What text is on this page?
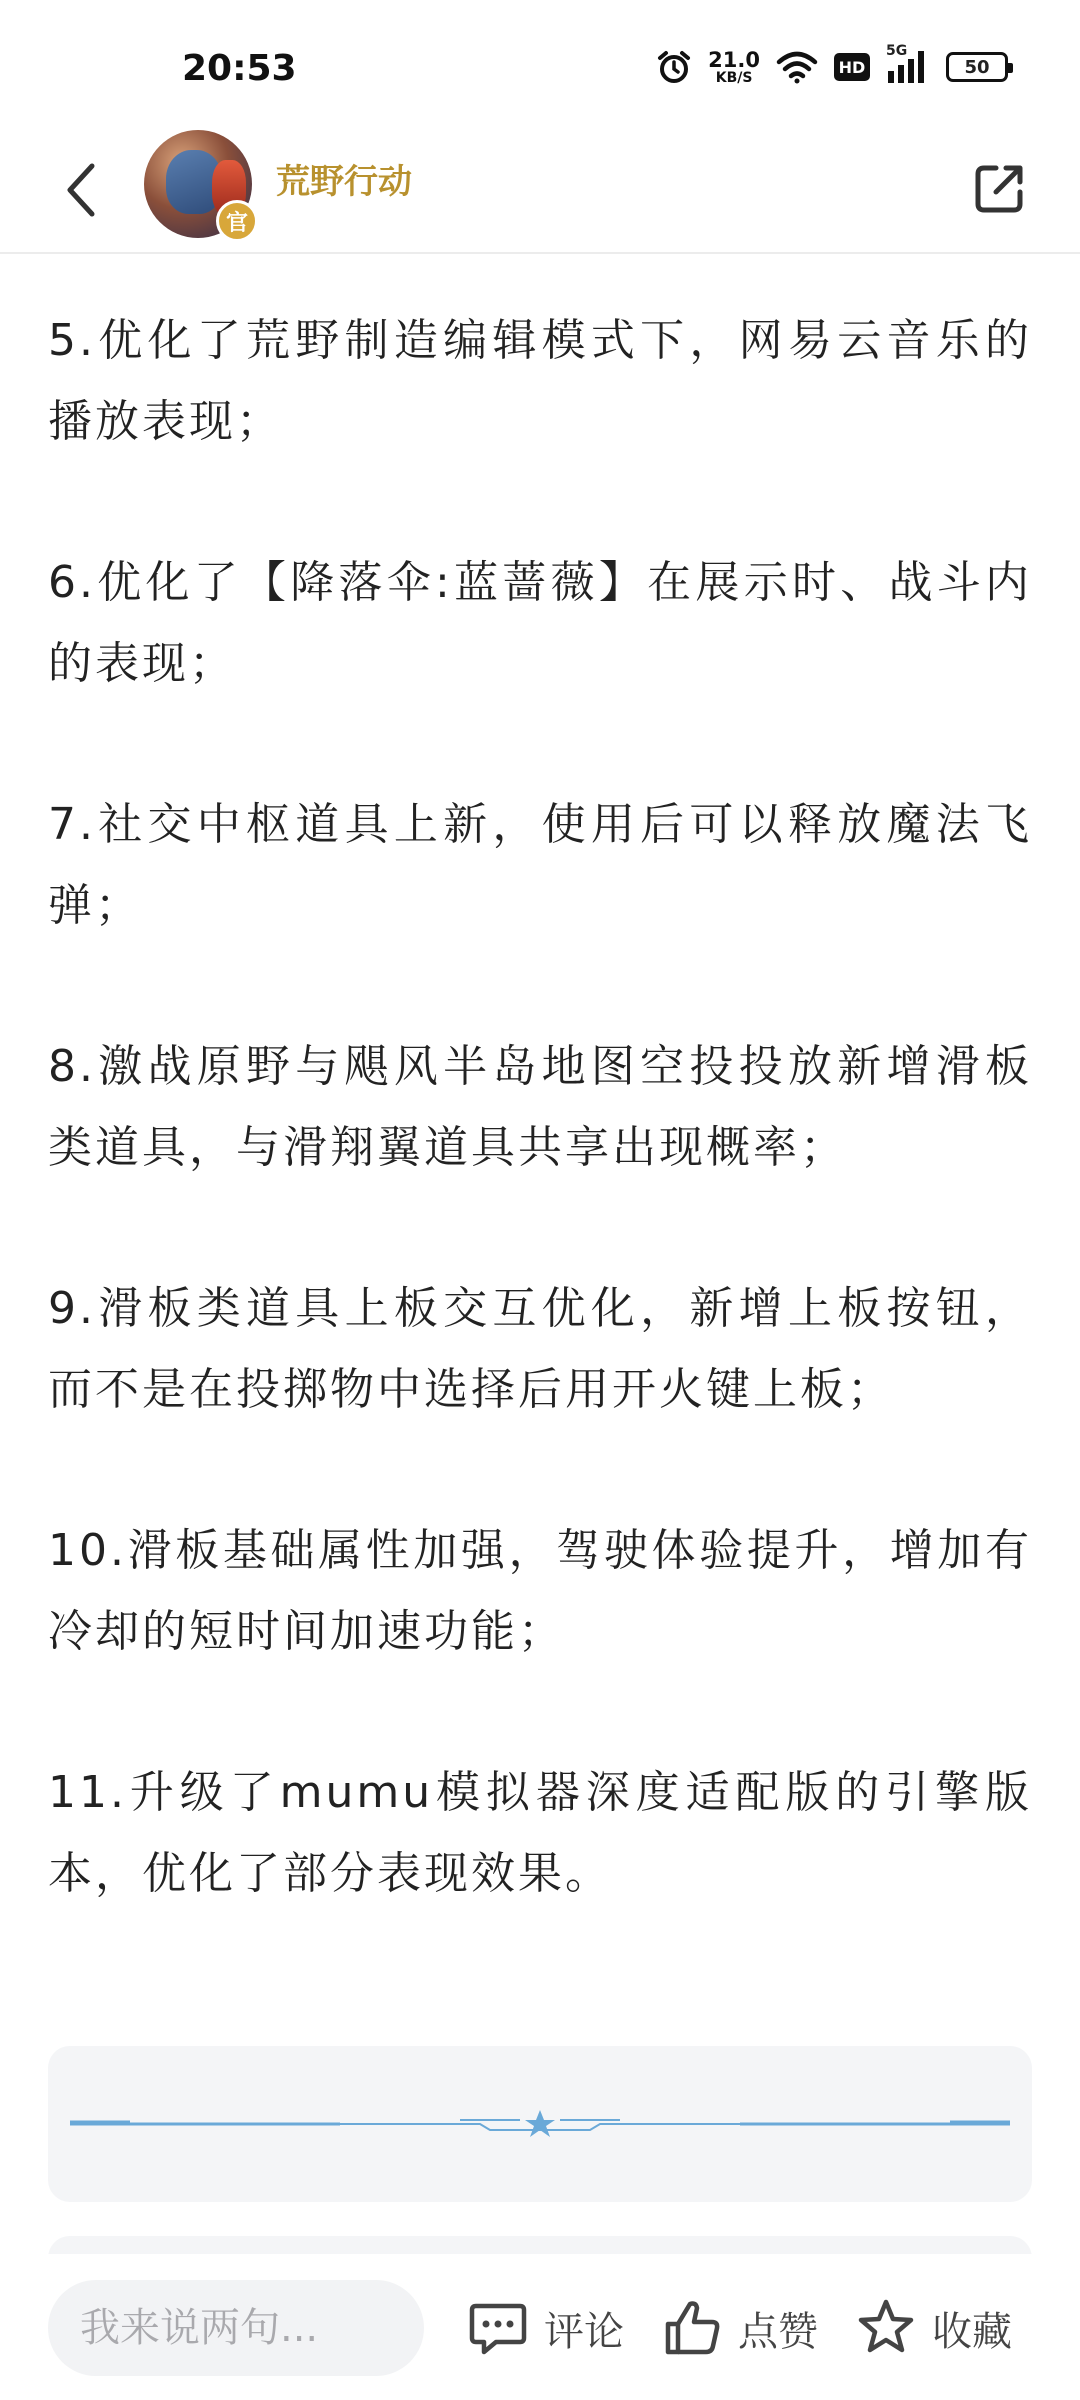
20:53	21.0
KB/S
HD
5G
50
官
荒野行动

5.优化了荒野制造编辑模式下，网易云音乐的播放表现；

6.优化了【降落伞:蓝蔷薇】在展示时、战斗内的表现；

7.社交中枢道具上新，使用后可以释放魔法飞弹；

8.激战原野与飓风半岛地图空投投放新增滑板类道具，与滑翔翼道具共享出现概率；

9.滑板类道具上板交互优化，新增上板按钮，而不是在投掷物中选择后用开火键上板；

10.滑板基础属性加强，驾驶体验提升，增加有冷却的短时间加速功能；

11.升级了mumu模拟器深度适配版的引擎版本，优化了部分表现效果。

我来说两句...
评论	点赞	收藏
